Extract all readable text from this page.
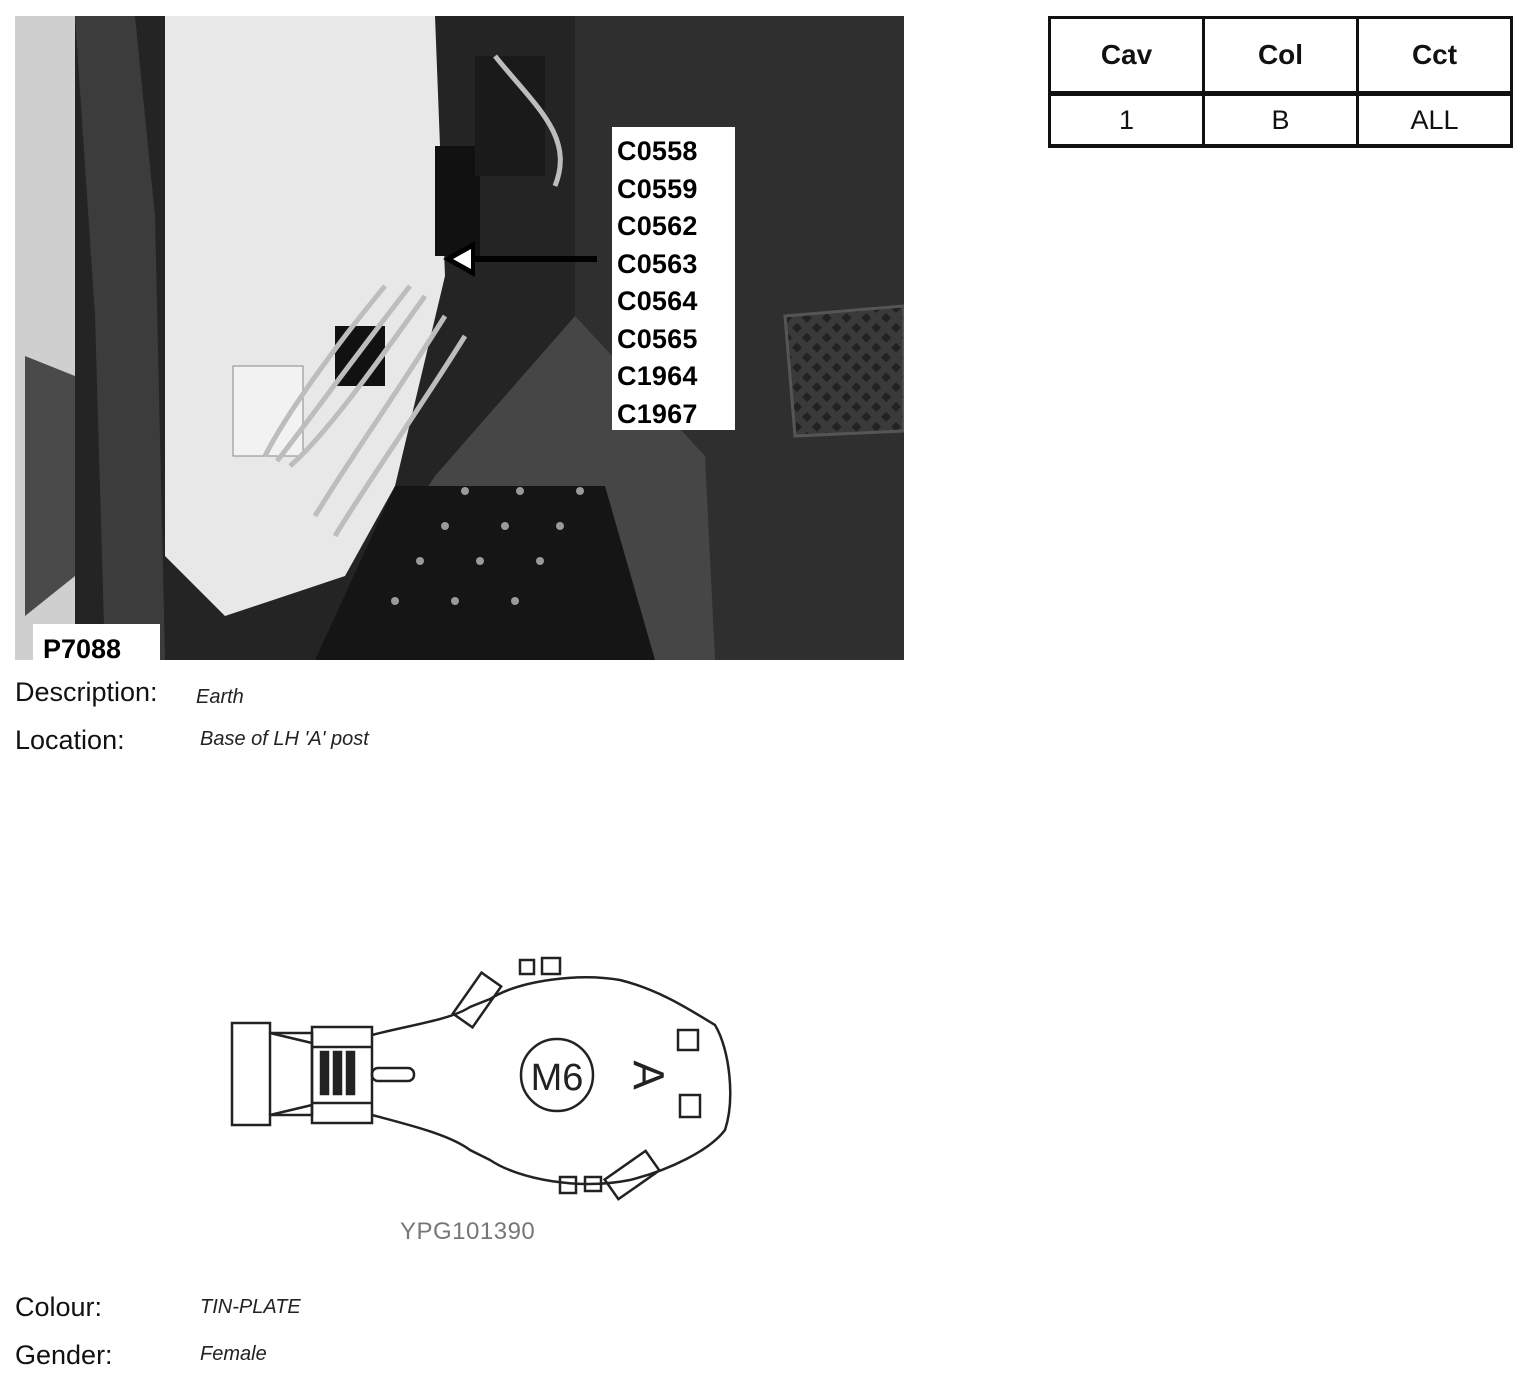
C0558
C0559
C0562
C0563
C0564
C0565
C1964
C1967
P7088
Cav	Col	Cct
1	B	ALL
Description: Earth
Location:	Base of LH 'A' post
M6 A
YPG101390
Colour:	TIN-PLATE
Gender:	Female
